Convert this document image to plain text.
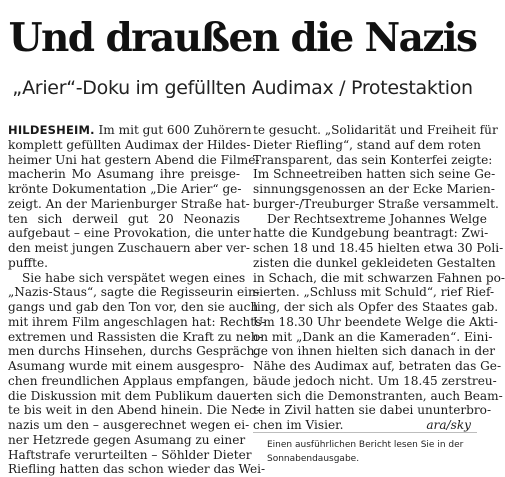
Und draußen die Nazis
„Arier“-Doku im gefüllten Audimax / Protestaktion
HILDESHEIM. Im mit gut 600 Zuhörern
komplett gefüllten Audimax der Hildes-
heimer Uni hat gestern Abend die Filme-
macherin Mo Asumang ihre preisge-
krönte Dokumentation „Die Arier“ ge-
zeigt. An der Marienburger Straße hat-
ten sich derweil gut 20 Neonazis
aufgebaut – eine Provokation, die unter
den meist jungen Zuschauern aber ver-
puffte.
Sie habe sich verspätet wegen eines
„Nazis-Staus“, sagte die Regisseurin ein-
gangs und gab den Ton vor, den sie auch
mit ihrem Film angeschlagen hat: Rechts-
extremen und Rassisten die Kraft zu neh-
men durchs Hinsehen, durchs Gespräch.
Asumang wurde mit einem ausgespro-
chen freundlichen Applaus empfangen,
die Diskussion mit dem Publikum dauer-
te bis weit in den Abend hinein. Die Neo-
nazis um den – ausgerechnet wegen ei-
ner Hetzrede gegen Asumang zu einer
Haftstrafe verurteilten – Söhlder Dieter
Riefling hatten das schon wieder das Wei-
te gesucht. „Solidarität und Freiheit für
Dieter Riefling“, stand auf dem roten
Transparent, das sein Konterfei zeigte:
Im Schneetreiben hatten sich seine Ge-
sinnungsgenossen an der Ecke Marien-
burger-/Treuburger Straße versammelt.
Der Rechtsextreme Johannes Welge
hatte die Kundgebung beantragt: Zwi-
schen 18 und 18.45 hielten etwa 30 Poli-
zisten die dunkel gekleideten Gestalten
in Schach, die mit schwarzen Fahnen po-
sierten. „Schluss mit Schuld“, rief Rief-
ling, der sich als Opfer des Staates gab.
Um 18.30 Uhr beendete Welge die Akti-
on mit „Dank an die Kameraden“. Eini-
ge von ihnen hielten sich danach in der
Nähe des Audimax auf, betraten das Ge-
bäude jedoch nicht. Um 18.45 zerstreu-
ten sich die Demonstranten, auch Beam-
te in Zivil hatten sie dabei ununterbro-
chen im Visier.	ara/sky
Einen ausführlichen Bericht lesen Sie in der
Sonnabendausgabe.
